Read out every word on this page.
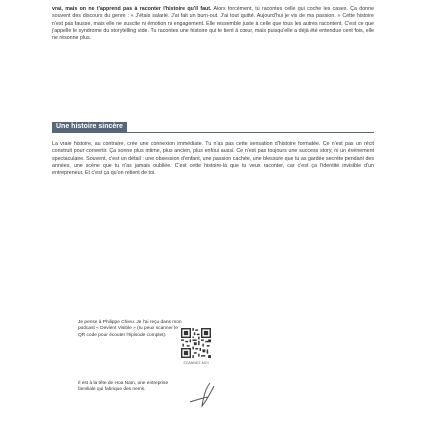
vrai, mais on ne t'apprend pas à raconter l'histoire qu'il faut. Alors forcément, tu racontes celle qui coche les cases. Ça donne souvent des discours du genre : « J'étais salarié. J'ai fait un burn-out. J'ai tout quitté. Aujourd'hui je vis de ma passion. » Cette histoire n'est pas fausse, mais elle ne suscite ni émotion ni engagement. Elle ressemble juste à celle que tous les autres racontent. C'est ce que j'appelle le syndrome du storytelling vide. Tu racontes une histoire qui te tient à cœur, mais puisqu'elle a déjà été entendue cent fois, elle ne résonne plus.

Une histoire sincère

La vraie histoire, au contraire, crée une connexion immédiate. Tu n'as pas cette sensation d'histoire formatée. Ce n'est pas un récit construit pour convertir. Ça sonne plus intime, plus ancien, plus enfoui aussi. Ce n'est pas toujours une success story, ni un événement spectaculaire. Souvent, c'est un détail : une obsession d'enfant, une passion cachée, une blessure que tu as gardée secrète pendant des années, une scène que tu n'as jamais oubliée. C'est cette histoire-là que tu veux raconter, car c'est ça l'identité invisible d'un entrepreneur. Et c'est ça qu'on retient de toi.

Je pense à Philippe Chieu. Je l'ai reçu dans mon podcast « Devient Visible » (tu peux scanner le QR code pour écouter l'épisode complet).
SCANNEZ-MOI
Il est à la tête de Hoa Nam, une entreprise familiale qui fabrique des nems.
